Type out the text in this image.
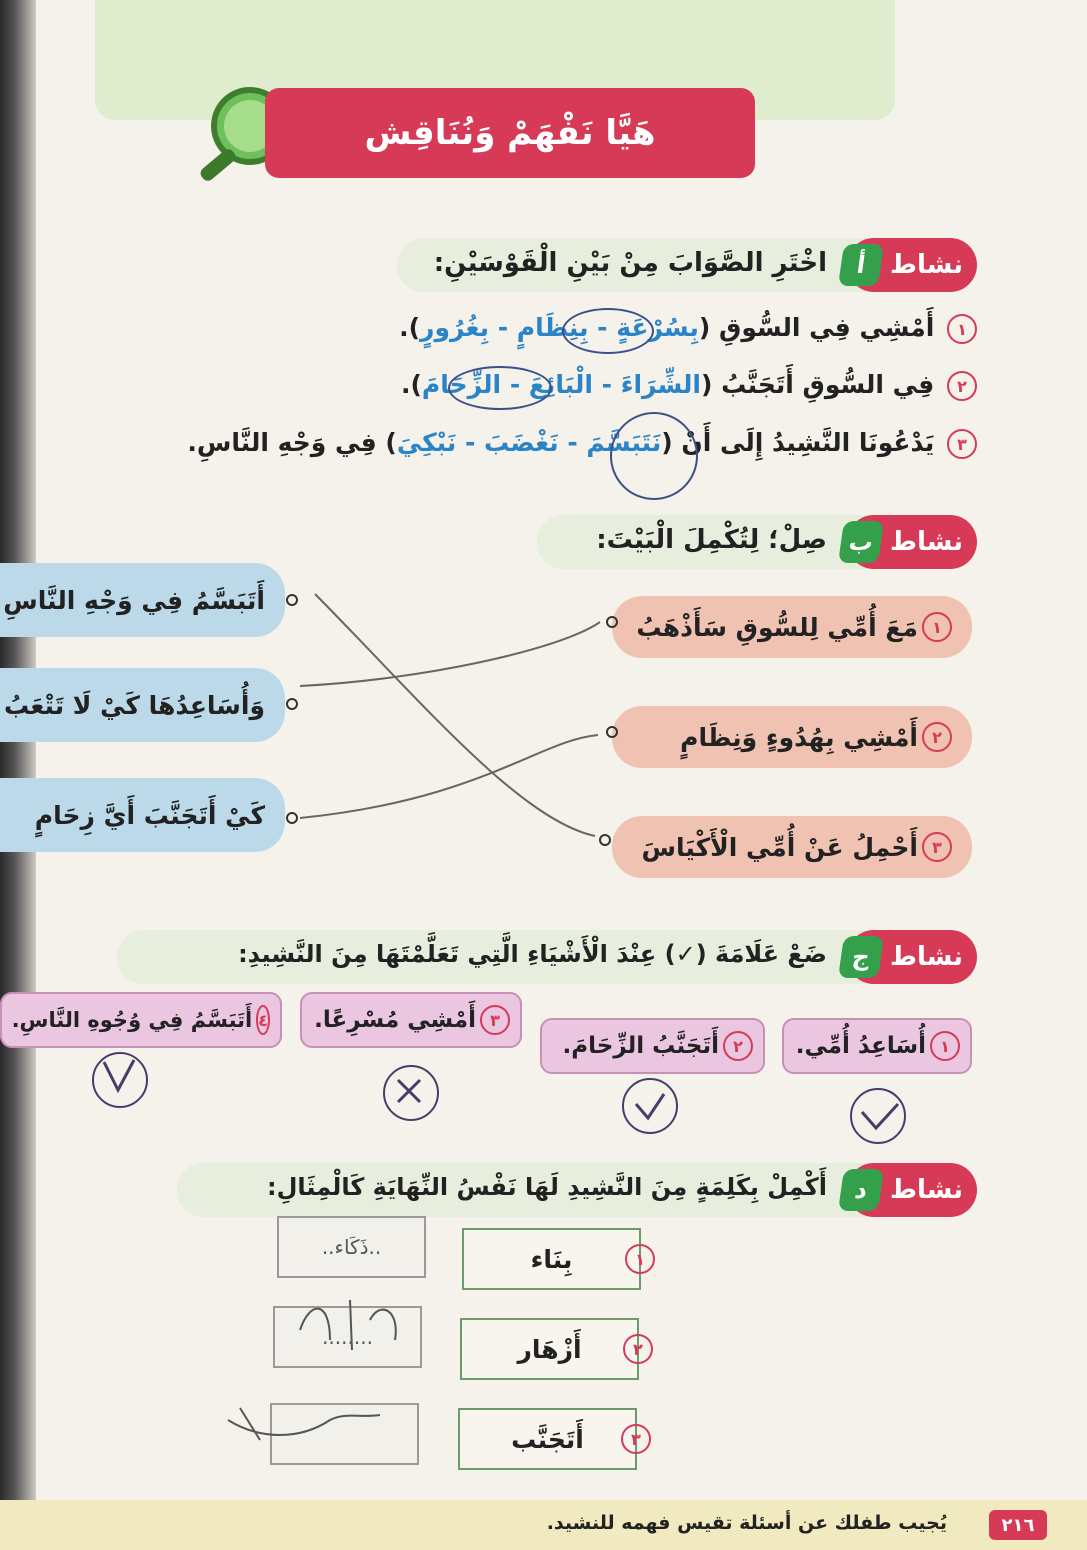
هَيَّا نَفْهَمْ وَنُنَاقِش
نشاط
أ
اخْتَرِ الصَّوَابَ مِنْ بَيْنِ الْقَوْسَيْنِ:
١ أَمْشِي فِي السُّوقِ (بِسُرْعَةٍ - بِنِظَامٍ - بِغُرُورٍ).
٢ فِي السُّوقِ أَتَجَنَّبُ (الشِّرَاءَ - الْبَائِعَ - الزِّحَامَ).
٣ يَدْعُونَا النَّشِيدُ إِلَى أَنْ (نَتَبَسَّمَ - نَغْضَبَ - نَبْكِيَ) فِي وَجْهِ النَّاسِ.
نشاط
ب
صِلْ؛ لِتُكْمِلَ الْبَيْتَ:
١
مَعَ أُمِّي لِلسُّوقِ سَأَذْهَبُ
٢
أَمْشِي بِهُدُوءٍ وَنِظَامٍ
٣
أَحْمِلُ عَنْ أُمِّي الْأَكْيَاسَ
أَتَبَسَّمُ فِي وَجْهِ النَّاسِ
وَأُسَاعِدُهَا كَيْ لَا تَتْعَبُ
كَيْ أَتَجَنَّبَ أَيَّ زِحَامٍ
نشاط
ج
ضَعْ عَلَامَةَ (✓) عِنْدَ الْأَشْيَاءِ الَّتِي تَعَلَّمْتَهَا مِنَ النَّشِيدِ:
١
أُسَاعِدُ أُمِّي.
٢
أَتَجَنَّبُ الزِّحَامَ.
٣
أَمْشِي مُسْرِعًا.
٤
أَتَبَسَّمُ فِي وُجُوهِ النَّاسِ.
نشاط
د
أَكْمِلْ بِكَلِمَةٍ مِنَ النَّشِيدِ لَهَا نَفْسُ النِّهَايَةِ كَالْمِثَالِ:
١
بِنَاء
٢
أَزْهَار
٣
أَتَجَنَّب
..ذَكَاء..
........
يُجيب طفلك عن أسئلة تقيس فهمه للنشيد.	٢١٦
